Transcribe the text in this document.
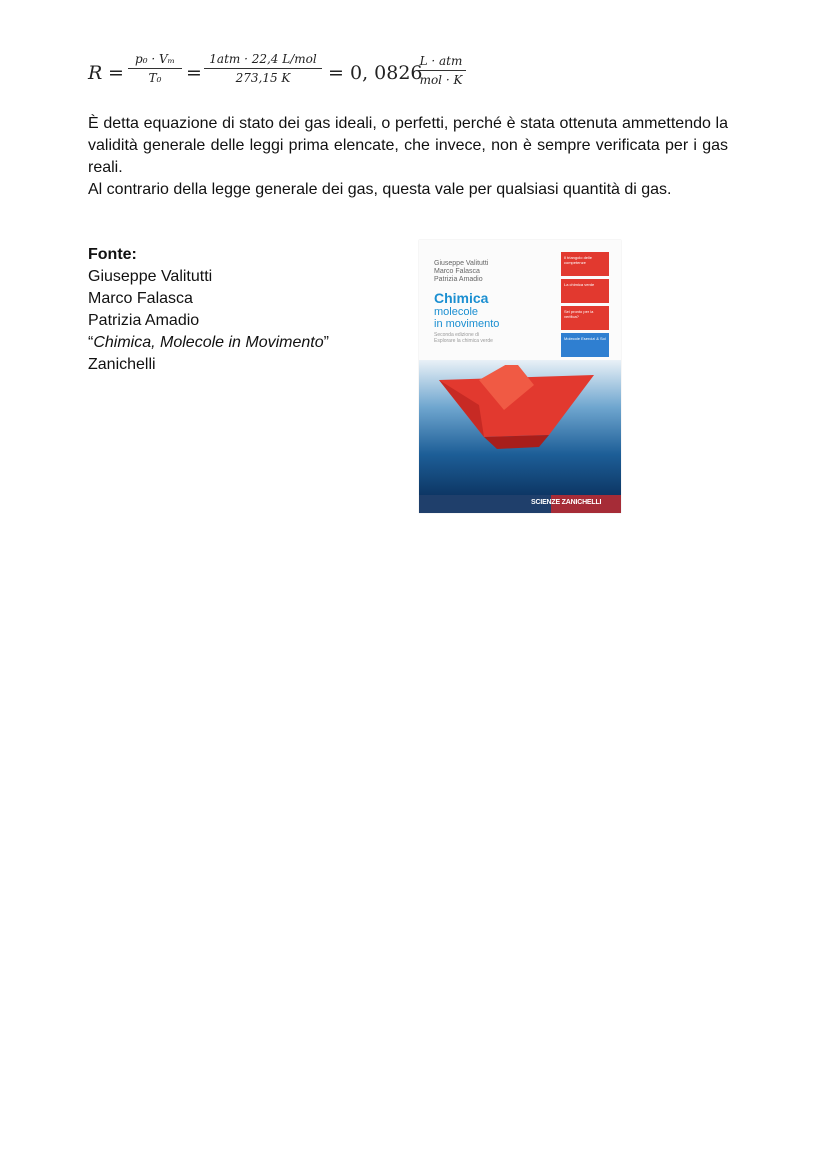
R =
p₀ · Vₘ
T₀	=
1atm · 22,4 L/mol
273,15 K	= 0, 0826
L · atm
mol · K

È detta equazione di stato dei gas ideali, o perfetti, perché è stata ottenuta ammettendo la validità generale delle leggi prima elencate, che invece, non è sempre verificata per i gas reali.

Al contrario della legge generale dei gas, questa vale per qualsiasi quantità di gas.

Fonte:
Giuseppe Valitutti
Marco Falasca
Patrizia Amadio
“Chimica, Molecole in Movimento”
Zanichelli
Giuseppe Valitutti
Marco Falasca
Patrizia Amadio
Chimica
molecole
in movimento
Seconda edizione di
Esplorare la chimica verde
Il triangolo delle competenze
La chimica verde
Sei pronto per la verifica?
Molecole Esercizi & Sol
SCIENZE ZANICHELLI
